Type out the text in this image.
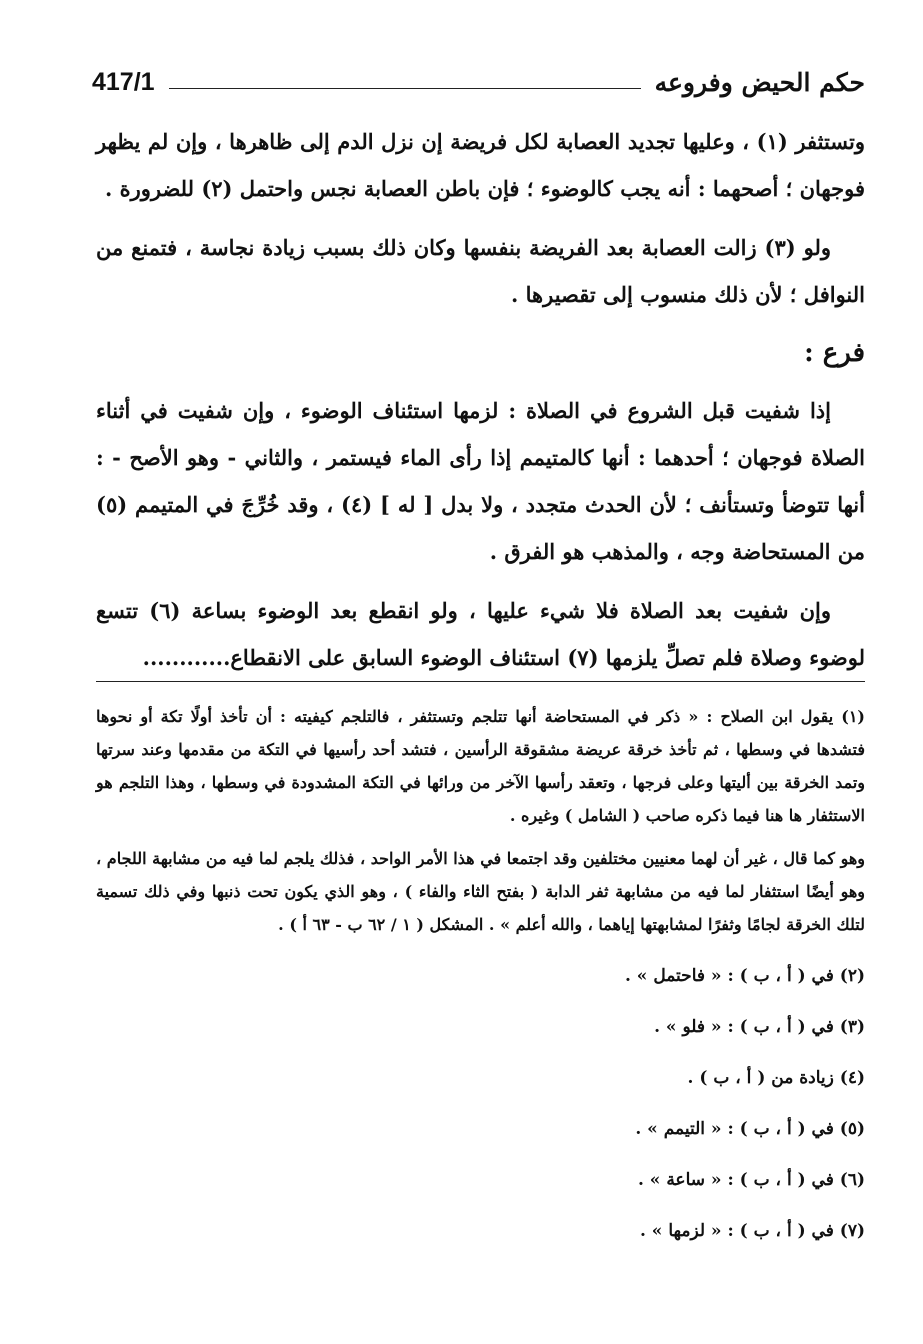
حكم الحيض وفروعه
417/1

وتستثفر (١) ، وعليها تجديد العصابة لكل فريضة إن نزل الدم إلى ظاهرها ، وإن لم يظهر فوجهان ؛ أصحهما : أنه يجب كالوضوء ؛ فإن باطن العصابة نجس واحتمل (٢) للضرورة .

ولو (٣) زالت العصابة بعد الفريضة بنفسها وكان ذلك بسبب زيادة نجاسة ، فتمنع من النوافل ؛ لأن ذلك منسوب إلى تقصيرها .

فرع :

إذا شفيت قبل الشروع في الصلاة : لزمها استئناف الوضوء ، وإن شفيت في أثناء الصلاة فوجهان ؛ أحدهما : أنها كالمتيمم إذا رأى الماء فيستمر ، والثاني - وهو الأصح - : أنها تتوضأ وتستأنف ؛ لأن الحدث متجدد ، ولا بدل [ له ] (٤) ، وقد خُرِّجَ في المتيمم (٥) من المستحاضة وجه ، والمذهب هو الفرق .

وإن شفيت بعد الصلاة فلا شيء عليها ، ولو انقطع بعد الوضوء بساعة (٦) تتسع لوضوء وصلاة فلم تصلِّ يلزمها (٧) استئناف الوضوء السابق على الانقطاع............

(١) يقول ابن الصلاح : « ذكر في المستحاضة أنها تتلجم وتستثفر ، فالتلجم كيفيته : أن تأخذ أولًا تكة أو نحوها فتشدها في وسطها ، ثم تأخذ خرقة عريضة مشقوقة الرأسين ، فتشد أحد رأسيها في التكة من مقدمها وعند سرتها وتمد الخرقة بين أليتها وعلى فرجها ، وتعقد رأسها الآخر من ورائها في التكة المشدودة في وسطها ، وهذا التلجم هو الاستثفار ها هنا فيما ذكره صاحب ( الشامل ) وغيره .

وهو كما قال ، غير أن لهما معنيين مختلفين وقد اجتمعا في هذا الأمر الواحد ، فذلك يلجم لما فيه من مشابهة اللجام ، وهو أيضًا استثفار لما فيه من مشابهة ثفر الدابة ( بفتح الثاء والفاء ) ، وهو الذي يكون تحت ذنبها وفي ذلك تسمية لتلك الخرقة لجامًا وثفرًا لمشابهتها إياهما ، والله أعلم » . المشكل ( ١ / ٦٢ ب - ٦٣ أ ) .

(٢) في ( أ ، ب ) : « فاحتمل » .

(٣) في ( أ ، ب ) : « فلو » .

(٤) زيادة من ( أ ، ب ) .

(٥) في ( أ ، ب ) : « التيمم » .

(٦) في ( أ ، ب ) : « ساعة » .

(٧) في ( أ ، ب ) : « لزمها » .
